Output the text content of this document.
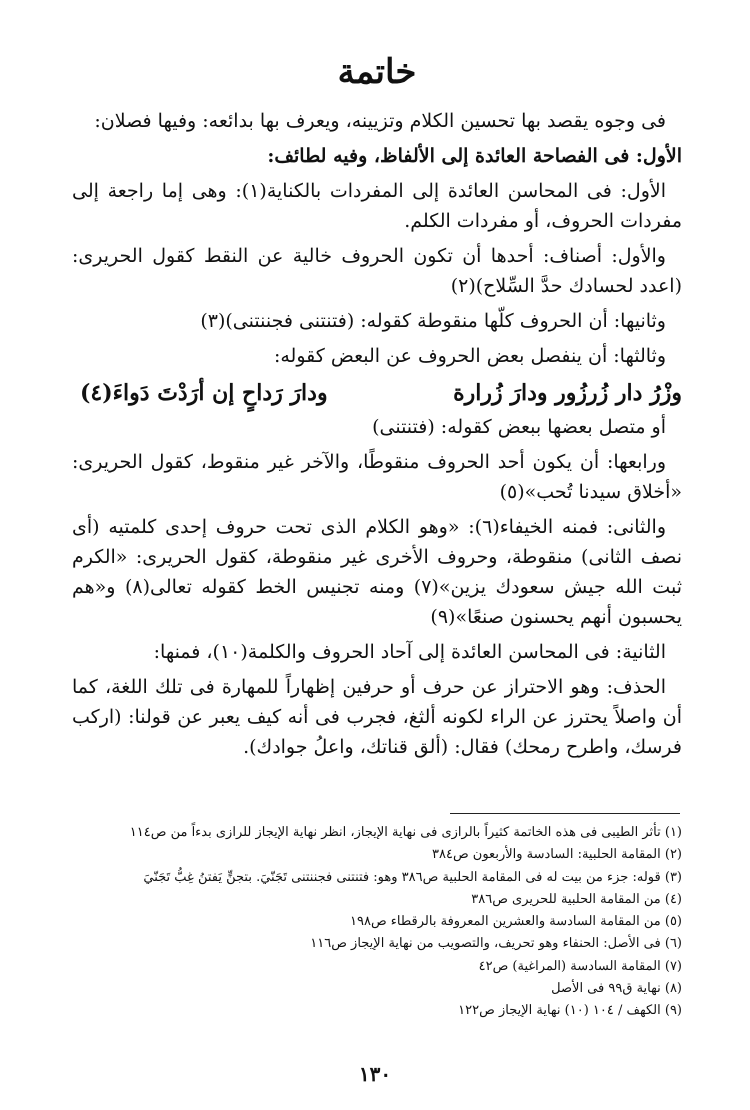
خاتمة

فى وجوه يقصد بها تحسين الكلام وتزيينه، ويعرف بها بدائعه: وفيها فصلان:

الأول: فى الفصاحة العائدة إلى الألفاظ، وفيه لطائف:

الأول: فى المحاسن العائدة إلى المفردات بالكناية(١): وهى إما راجعة إلى مفردات الحروف، أو مفردات الكلم.

والأول: أصناف: أحدها أن تكون الحروف خالية عن النقط كقول الحريرى: (اعدد لحسادك حدَّ السِّلاح)(٢)

وثانيها: أن الحروف كلّها منقوطة كقوله: (فتنتنى فجننتنى)(٣)

وثالثها: أن ينفصل بعض الحروف عن البعض كقوله:

وزْرُ دار زُرزُور ودارَ زُرارة
ودارَ رَداحٍ إن أرَدْتَ دَواءَ(٤)

أو متصل بعضها ببعض كقوله: (فتنتنى)

ورابعها: أن يكون أحد الحروف منقوطًا، والآخر غير منقوط، كقول الحريرى: «أخلاق سيدنا تُحب»(٥)

والثانى: فمنه الخيفاء(٦): «وهو الكلام الذى تحت حروف إحدى كلمتيه (أى نصف الثانى) منقوطة، وحروف الأخرى غير منقوطة، كقول الحريرى: «الكرم ثبت الله جيش سعودك يزين»(٧) ومنه تجنيس الخط كقوله تعالى(٨) و«هم يحسبون أنهم يحسنون صنعًا»(٩)

الثانية: فى المحاسن العائدة إلى آحاد الحروف والكلمة(١٠)، فمنها:

الحذف: وهو الاحتراز عن حرف أو حرفين إظهاراً للمهارة فى تلك اللغة، كما أن واصلاً يحترز عن الراء لكونه ألثغ، فجرب فى أنه كيف يعبر عن قولنا: (اركب فرسك، واطرح رمحك) فقال: (ألق قناتك، واعلُ جوادك).

(١) تأثر الطيبى فى هذه الخاتمة كثيراً بالرازى فى نهاية الإيجاز، انظر نهاية الإيجاز للرازى بدءاً من ص١١٤
(٢) المقامة الحلبية: السادسة والأربعون ص٣٨٤
(٣) قوله: جزء من بيت له فى المقامة الحلبية ص٣٨٦ وهو: فتنتنى فجننتنى تَجَنّيَ. بتجنٍّ يَفتنُ غِبُّ تَجَنّيَ
(٤) من المقامة الحلبية للحريرى ص٣٨٦
(٥) من المقامة السادسة والعشرين المعروفة بالرقطاء ص١٩٨
(٦) فى الأصل: الحنفاء وهو تحريف، والتصويب من نهاية الإيجاز ص١١٦
(٧) المقامة السادسة (المراغية) ص٤٢
(٨) نهاية ق٩٩ فى الأصل
(٩) الكهف / ١٠٤ (١٠) نهاية الإيجاز ص١٢٢
١٣٠
